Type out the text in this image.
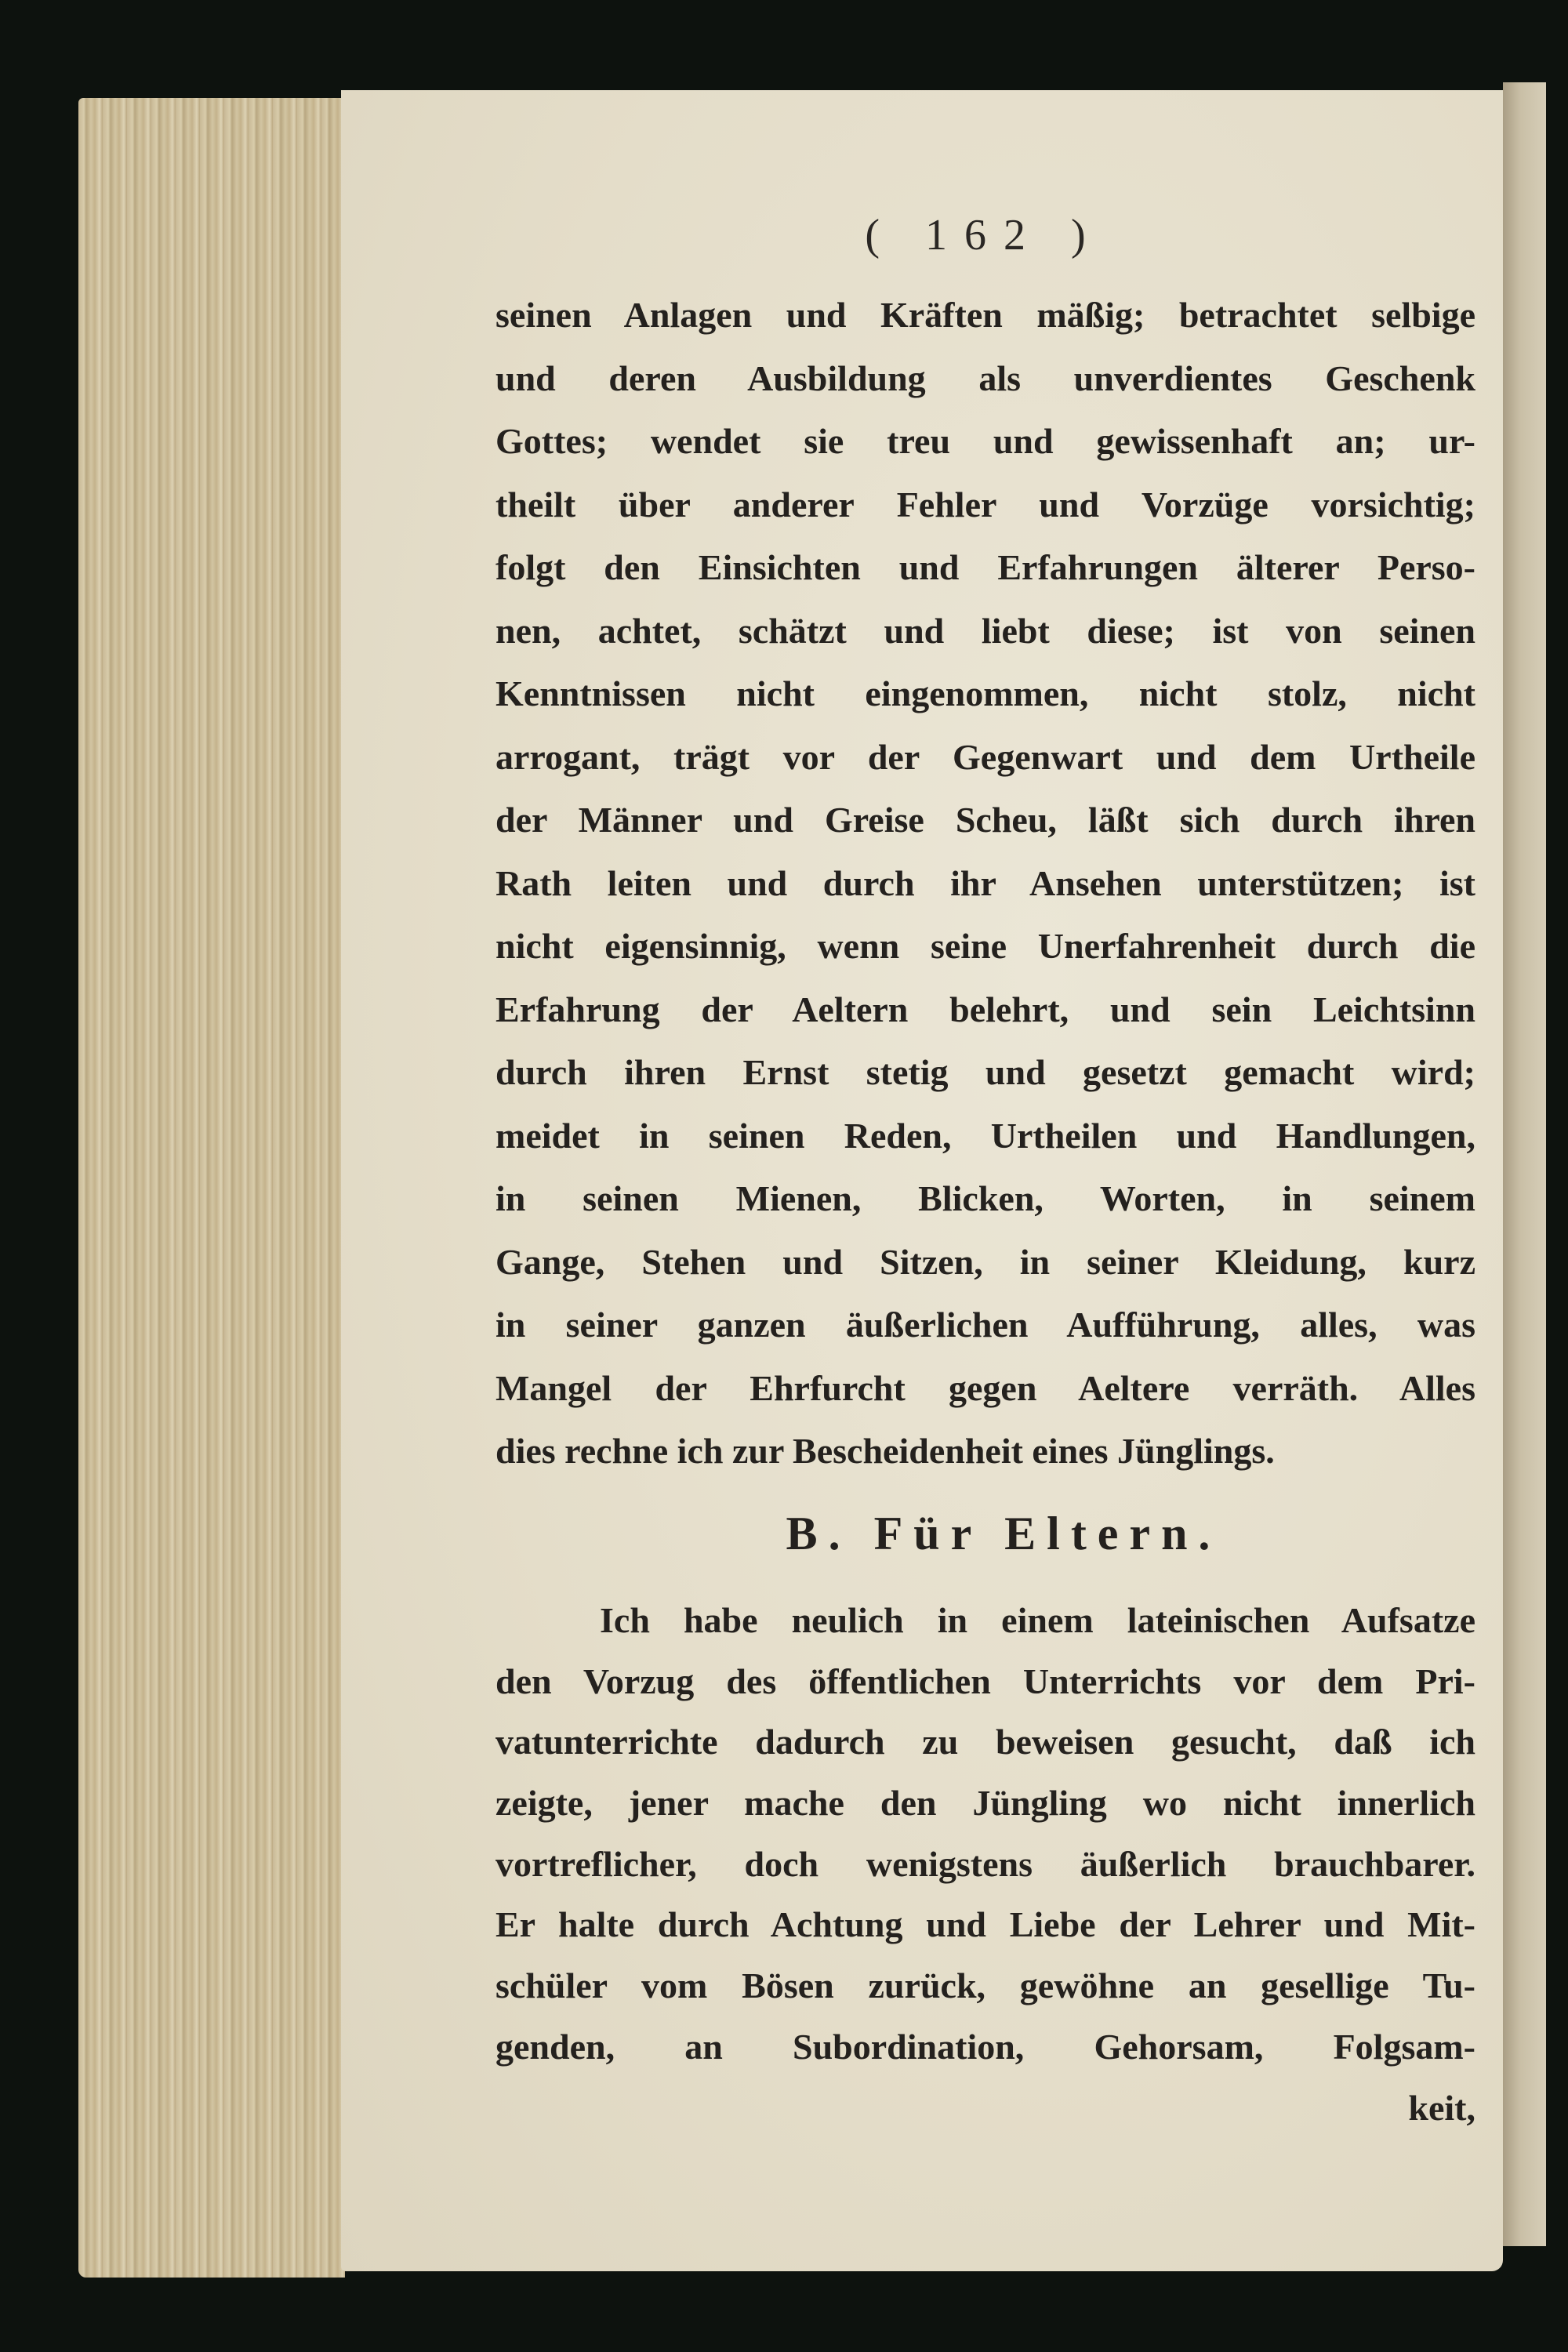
( 162 )
seinen Anlagen und Kräften mäßig; betrachtet selbige
und deren Ausbildung als unverdientes Geschenk
Gottes; wendet sie treu und gewissenhaft an; ur-
theilt über anderer Fehler und Vorzüge vorsichtig;
folgt den Einsichten und Erfahrungen älterer Perso-
nen, achtet, schätzt und liebt diese; ist von seinen
Kenntnissen nicht eingenommen, nicht stolz, nicht
arrogant, trägt vor der Gegenwart und dem Urtheile
der Männer und Greise Scheu, läßt sich durch ihren
Rath leiten und durch ihr Ansehen unterstützen; ist
nicht eigensinnig, wenn seine Unerfahrenheit durch die
Erfahrung der Aeltern belehrt, und sein Leichtsinn
durch ihren Ernst stetig und gesetzt gemacht wird;
meidet in seinen Reden, Urtheilen und Handlungen,
in seinen Mienen, Blicken, Worten, in seinem
Gange, Stehen und Sitzen, in seiner Kleidung, kurz
in seiner ganzen äußerlichen Aufführung, alles, was
Mangel der Ehrfurcht gegen Aeltere verräth. Alles
dies rechne ich zur Bescheidenheit eines Jünglings.
B. Für Eltern.
Ich habe neulich in einem lateinischen Aufsatze
den Vorzug des öffentlichen Unterrichts vor dem Pri-
vatunterrichte dadurch zu beweisen gesucht, daß ich
zeigte, jener mache den Jüngling wo nicht innerlich
vortreflicher, doch wenigstens äußerlich brauchbarer.
Er halte durch Achtung und Liebe der Lehrer und Mit-
schüler vom Bösen zurück, gewöhne an gesellige Tu-
genden, an Subordination, Gehorsam, Folgsam-
keit,
